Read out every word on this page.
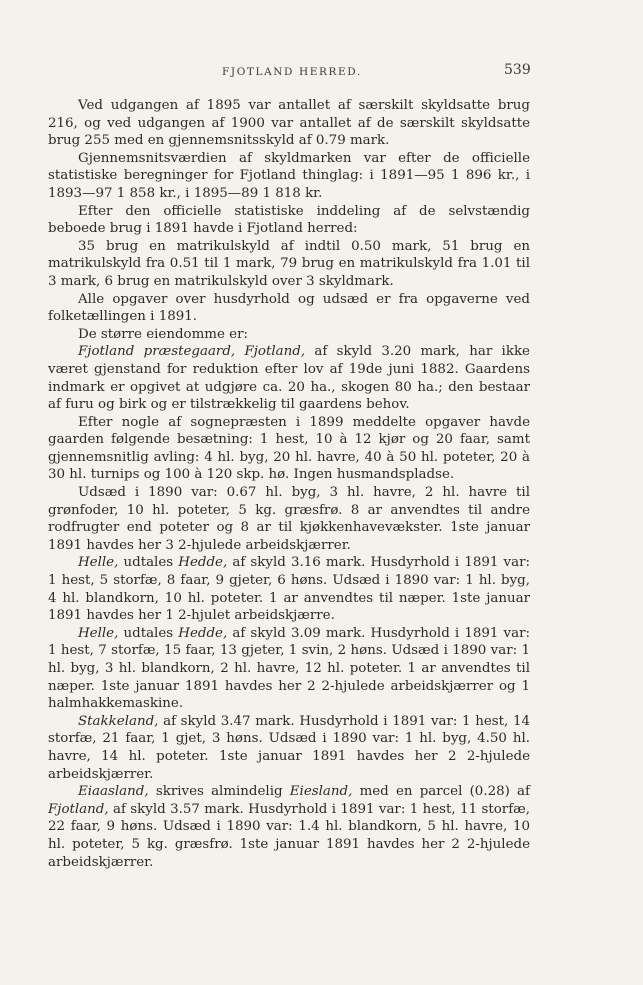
FJOTLAND HERRED.	539

Ved udgangen af 1895 var antallet af særskilt skyldsatte brug 216, og ved udgangen af 1900 var antallet af de særskilt skyldsatte brug 255 med en gjennemsnitsskyld af 0.79 mark.

Gjennemsnitsværdien af skyldmarken var efter de officielle statistiske beregninger for Fjotland thinglag: i 1891—95 1 896 kr., i 1893—97 1 858 kr., i 1895—89 1 818 kr.

Efter den officielle statistiske inddeling af de selvstændig beboede brug i 1891 havde i Fjotland herred:

35 brug en matrikulskyld af indtil 0.50 mark, 51 brug en matrikulskyld fra 0.51 til 1 mark, 79 brug en matrikulskyld fra 1.01 til 3 mark, 6 brug en matrikulskyld over 3 skyldmark.

Alle opgaver over husdyrhold og udsæd er fra opgaverne ved folketællingen i 1891.

De større eiendomme er:

Fjotland præstegaard, Fjotland, af skyld 3.20 mark, har ikke været gjenstand for reduktion efter lov af 19de juni 1882. Gaardens indmark er opgivet at udgjøre ca. 20 ha., skogen 80 ha.; den bestaar af furu og birk og er tilstrækkelig til gaardens behov.

Efter nogle af sognepræsten i 1899 meddelte opgaver havde gaarden følgende besætning: 1 hest, 10 à 12 kjør og 20 faar, samt gjennemsnitlig avling: 4 hl. byg, 20 hl. havre, 40 à 50 hl. poteter, 20 à 30 hl. turnips og 100 à 120 skp. hø. Ingen husmandspladse.

Udsæd i 1890 var: 0.67 hl. byg, 3 hl. havre, 2 hl. havre til grønfoder, 10 hl. poteter, 5 kg. græsfrø. 8 ar anvendtes til andre rodfrugter end poteter og 8 ar til kjøkkenhavevækster. 1ste januar 1891 havdes her 3 2-hjulede arbeidskjærrer.

Helle, udtales Hedde, af skyld 3.16 mark. Husdyrhold i 1891 var: 1 hest, 5 storfæ, 8 faar, 9 gjeter, 6 høns. Udsæd i 1890 var: 1 hl. byg, 4 hl. blandkorn, 10 hl. poteter. 1 ar anvendtes til næper. 1ste januar 1891 havdes her 1 2-hjulet arbeidskjærre.

Helle, udtales Hedde, af skyld 3.09 mark. Husdyrhold i 1891 var: 1 hest, 7 storfæ, 15 faar, 13 gjeter, 1 svin, 2 høns. Udsæd i 1890 var: 1 hl. byg, 3 hl. blandkorn, 2 hl. havre, 12 hl. poteter. 1 ar anvendtes til næper. 1ste januar 1891 havdes her 2 2-hjulede arbeidskjærrer og 1 halmhakkemaskine.

Stakkeland, af skyld 3.47 mark. Husdyrhold i 1891 var: 1 hest, 14 storfæ, 21 faar, 1 gjet, 3 høns. Udsæd i 1890 var: 1 hl. byg, 4.50 hl. havre, 14 hl. poteter. 1ste januar 1891 havdes her 2 2-hjulede arbeidskjærrer.

Eiaasland, skrives almindelig Eiesland, med en parcel (0.28) af Fjotland, af skyld 3.57 mark. Husdyrhold i 1891 var: 1 hest, 11 storfæ, 22 faar, 9 høns. Udsæd i 1890 var: 1.4 hl. blandkorn, 5 hl. havre, 10 hl. poteter, 5 kg. græsfrø. 1ste januar 1891 havdes her 2 2-hjulede arbeidskjærrer.
